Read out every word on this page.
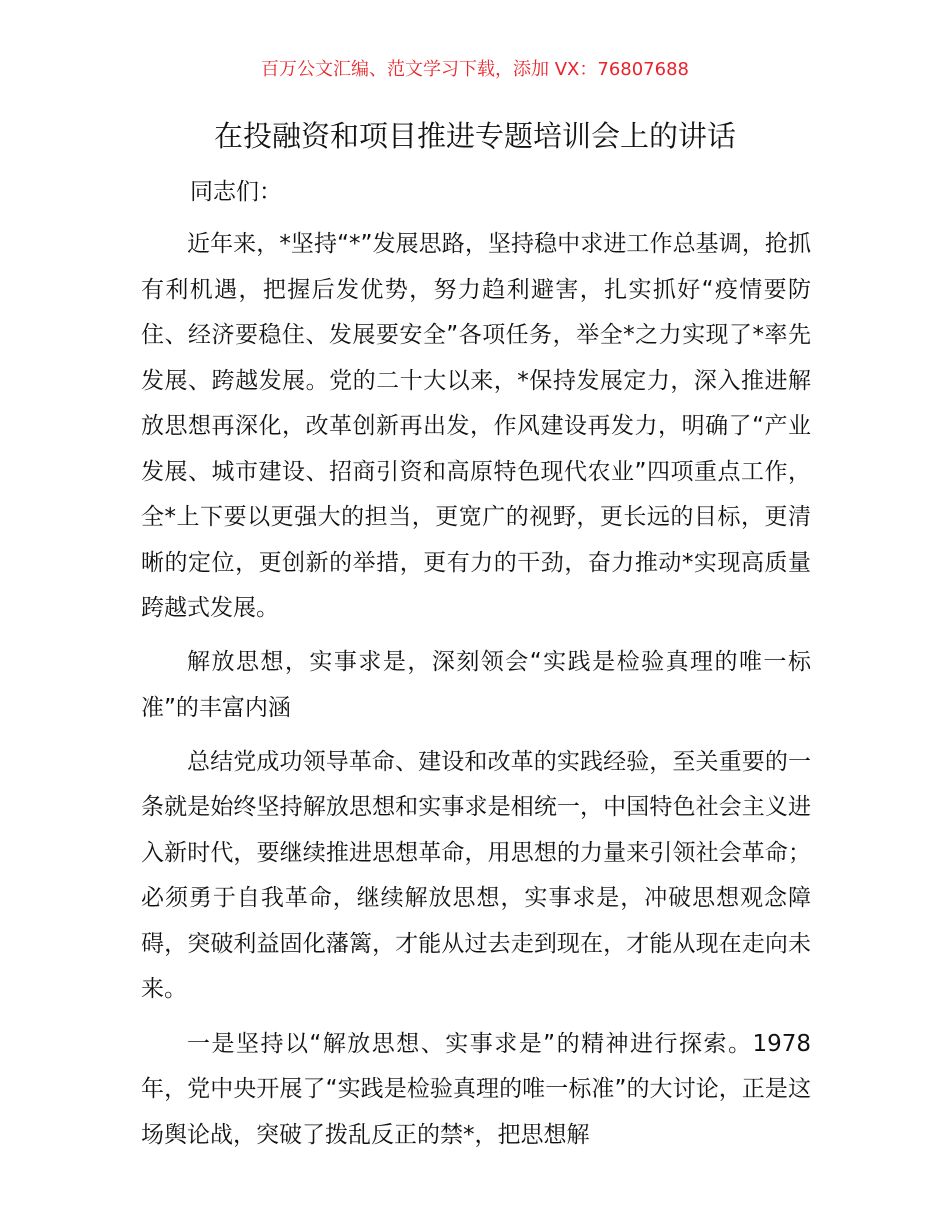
百万公文汇编、范文学习下载，添加 VX：76807688
在投融资和项目推进专题培训会上的讲话
同志们：

近年来，*坚持“*”发展思路，坚持稳中求进工作总基调，抢抓有利机遇，把握后发优势，努力趋利避害，扎实抓好“疫情要防住、经济要稳住、发展要安全”各项任务，举全*之力实现了*率先发展、跨越发展。党的二十大以来，*保持发展定力，深入推进解放思想再深化，改革创新再出发，作风建设再发力，明确了“产业发展、城市建设、招商引资和高原特色现代农业”四项重点工作，全*上下要以更强大的担当，更宽广的视野，更长远的目标，更清晰的定位，更创新的举措，更有力的干劲，奋力推动*实现高质量跨越式发展。

解放思想，实事求是，深刻领会“实践是检验真理的唯一标准”的丰富内涵

总结党成功领导革命、建设和改革的实践经验，至关重要的一条就是始终坚持解放思想和实事求是相统一，中国特色社会主义进入新时代，要继续推进思想革命，用思想的力量来引领社会革命；必须勇于自我革命，继续解放思想，实事求是，冲破思想观念障碍，突破利益固化藩篱，才能从过去走到现在，才能从现在走向未来。

一是坚持以“解放思想、实事求是”的精神进行探索。1978 年，党中央开展了“实践是检验真理的唯一标准”的大讨论，正是这场舆论战，突破了拨乱反正的禁*，把思想解
